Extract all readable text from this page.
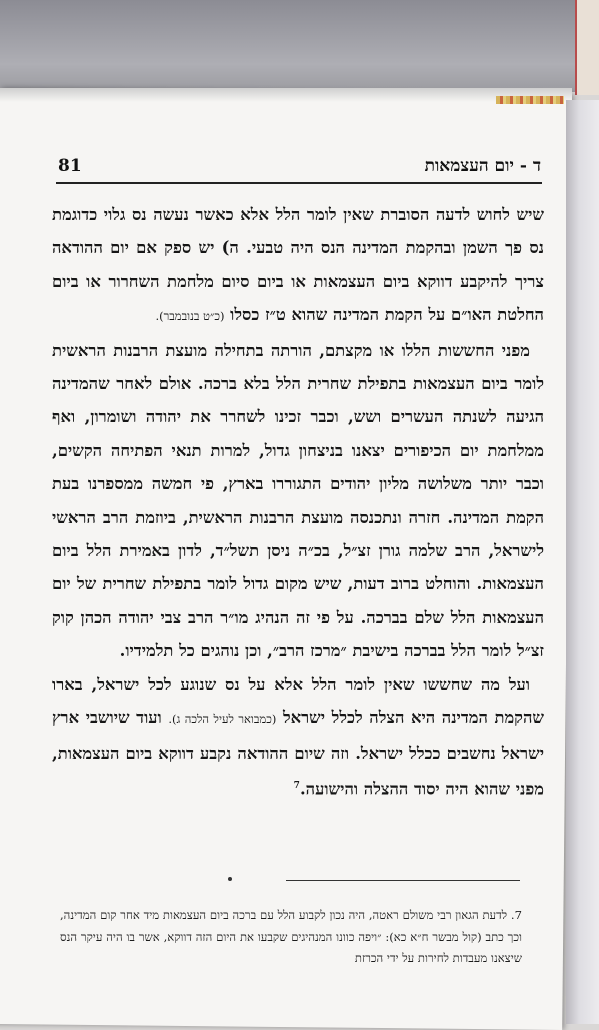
81	ד - יום העצמאות

שיש לחוש לדעה הסוברת שאין לומר הלל אלא כאשר נעשה נס גלוי כדוגמת נס פך השמן ובהקמת המדינה הנס היה טבעי. ה) יש ספק אם יום ההודאה צריך להיקבע דווקא ביום העצמאות או ביום סיום מלחמת השחרור או ביום החלטת האו״ם על הקמת המדינה שהוא ט״ז כסלו (כ״ט בנובמבר).

מפני החששות הללו או מקצתם, הורתה בתחילה מועצת הרבנות הראשית לומר ביום העצמאות בתפילת שחרית הלל בלא ברכה. אולם לאחר שהמדינה הגיעה לשנתה העשרים ושש, וכבר זכינו לשחרר את יהודה ושומרון, ואף ממלחמת יום הכיפורים יצאנו בניצחון גדול, למרות תנאי הפתיחה הקשים, וכבר יותר משלושה מליון יהודים התגוררו בארץ, פי חמשה ממספרנו בעת הקמת המדינה. חזרה ונתכנסה מועצת הרבנות הראשית, ביוזמת הרב הראשי לישראל, הרב שלמה גורן זצ״ל, בכ״ה ניסן תשל״ד, לדון באמירת הלל ביום העצמאות. והוחלט ברוב דעות, שיש מקום גדול לומר בתפילת שחרית של יום העצמאות הלל שלם בברכה. על פי זה הנהיג מו״ר הרב צבי יהודה הכהן קוק זצ״ל לומר הלל בברכה בישיבת ״מרכז הרב״, וכן נוהגים כל תלמידיו.

ועל מה שחששו שאין לומר הלל אלא על נס שנוגע לכל ישראל, בארו שהקמת המדינה היא הצלה לכלל ישראל (כמבואר לעיל הלכה ג). ועוד שיושבי ארץ ישראל נחשבים ככלל ישראל. וזה שיום ההודאה נקבע דווקא ביום העצמאות, מפני שהוא היה יסוד ההצלה והישועה.$^7$

7. לדעת הגאון רבי משולם ראטה, היה נכון לקבוע הלל עם ברכה ביום העצמאות מיד אחר קום המדינה, וכך כתב (קול מבשר ח״א כא): ״ויפה כוונו המנהיגים שקבעו את היום הזה דווקא, אשר בו היה עיקר הנס שיצאנו מעבדות לחירות על ידי הכרזת
